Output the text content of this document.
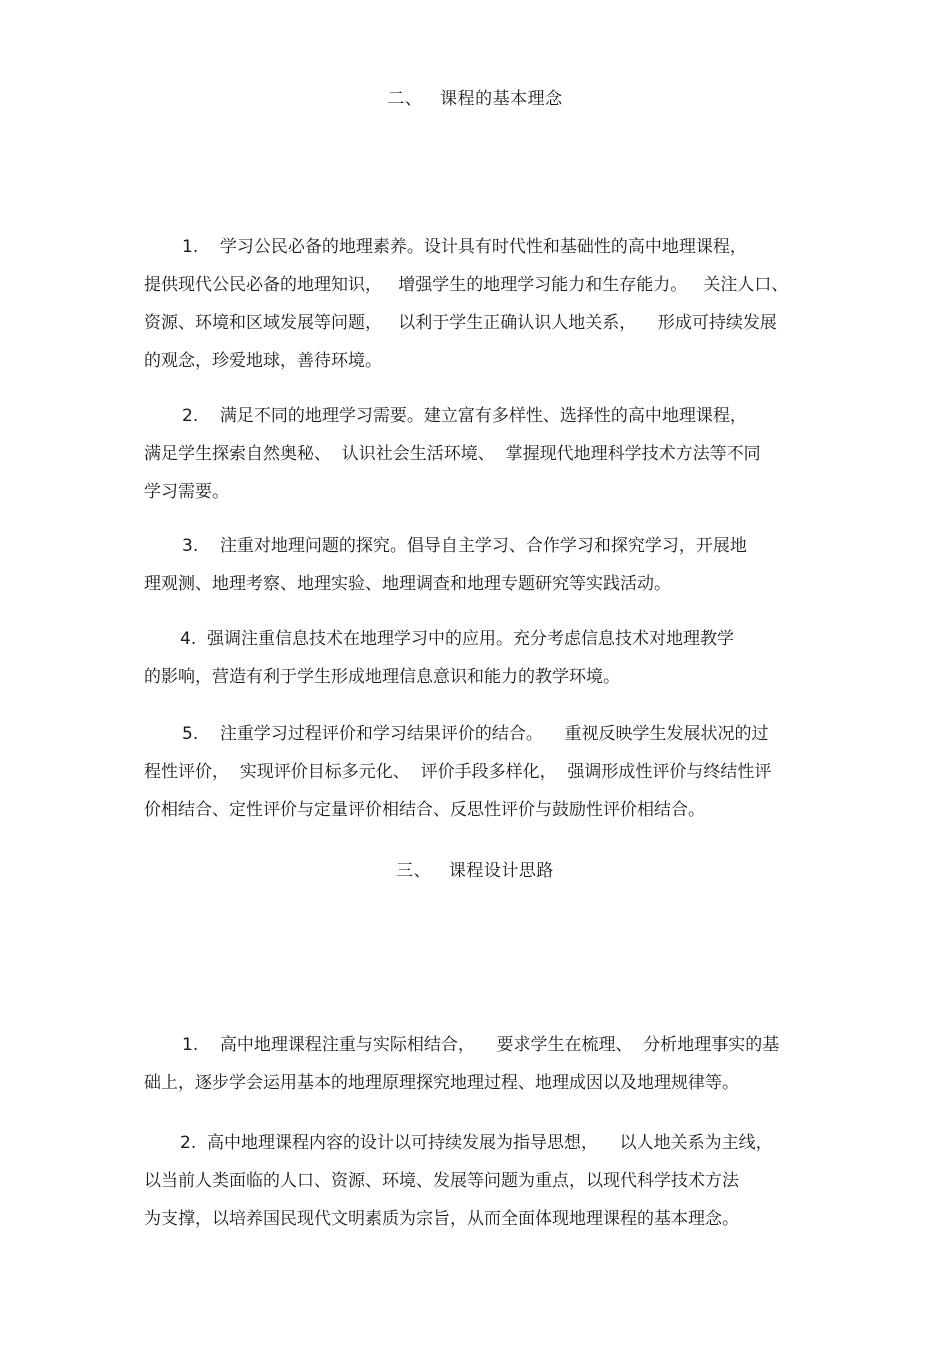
二、   课程的基本理念
1.    学习公民必备的地理素养。设计具有时代性和基础性的高中地理课程，
提供现代公民必备的地理知识，   增强学生的地理学习能力和生存能力。   关注人口、
资源、环境和区域发展等问题，   以利于学生正确认识人地关系，    形成可持续发展
的观念，珍爱地球，善待环境。
2.    满足不同的地理学习需要。建立富有多样性、选择性的高中地理课程，
满足学生探索自然奥秘、  认识社会生活环境、  掌握现代地理科学技术方法等不同
学习需要。
3.    注重对地理问题的探究。倡导自主学习、合作学习和探究学习，开展地
理观测、地理考察、地理实验、地理调查和地理专题研究等实践活动。
4.  强调注重信息技术在地理学习中的应用。充分考虑信息技术对地理教学
的影响，营造有利于学生形成地理信息意识和能力的教学环境。
5.    注重学习过程评价和学习结果评价的结合。    重视反映学生发展状况的过
程性评价，  实现评价目标多元化、  评价手段多样化，  强调形成性评价与终结性评
价相结合、定性评价与定量评价相结合、反思性评价与鼓励性评价相结合。
三、   课程设计思路
1.    高中地理课程注重与实际相结合，    要求学生在梳理、  分析地理事实的基
础上，逐步学会运用基本的地理原理探究地理过程、地理成因以及地理规律等。
2.  高中地理课程内容的设计以可持续发展为指导思想，    以人地关系为主线，
以当前人类面临的人口、资源、环境、发展等问题为重点，以现代科学技术方法
为支撑，以培养国民现代文明素质为宗旨，从而全面体现地理课程的基本理念。
